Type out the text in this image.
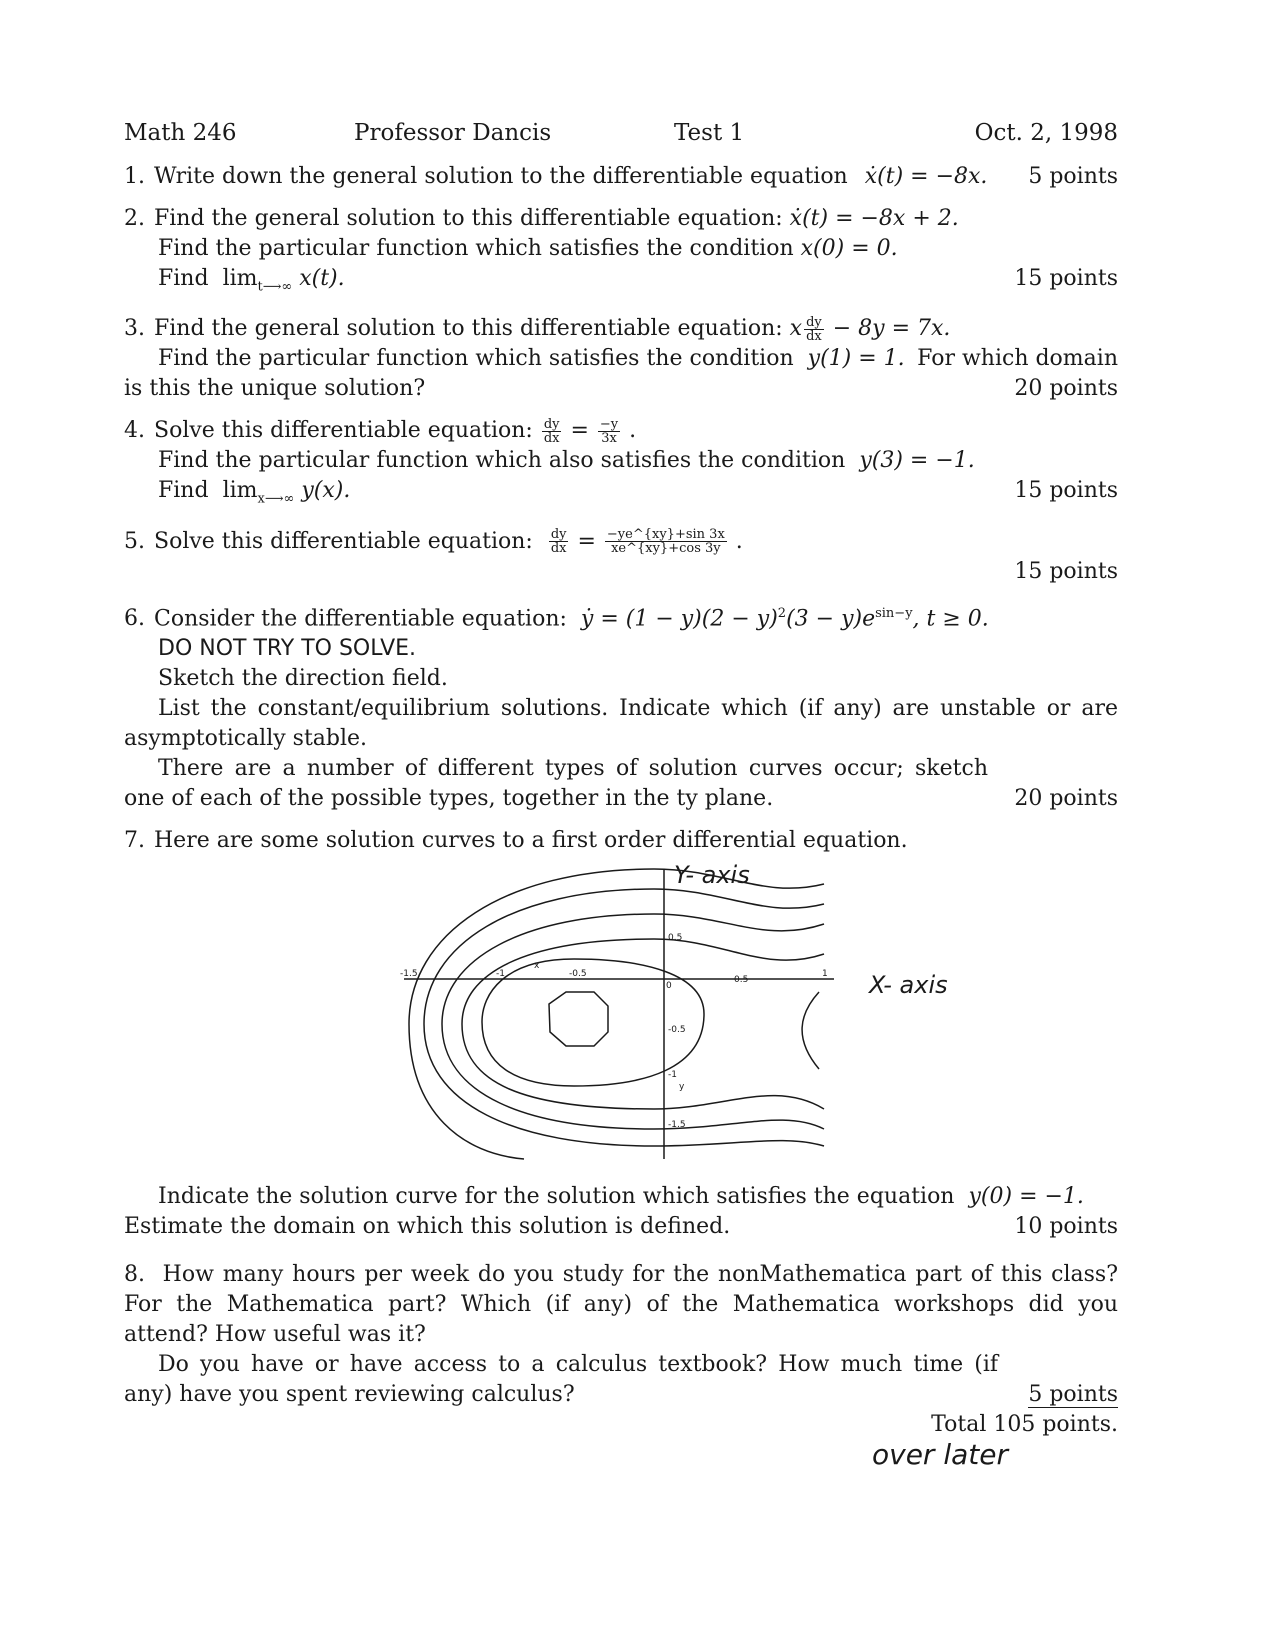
Math 246	Professor Dancis	Test 1	Oct. 2, 1998
1. Write down the general solution to the differentiable equation ẋ(t) = −8x. 5 points
2. Find the general solution to this differentiable equation: ẋ(t) = −8x + 2.
Find the particular function which satisfies the condition x(0) = 0.
Find $\lim_{t⟶\infty} x(t)$.	15 points
3. Find the general solution to this differentiable equation: x $\frac{dy}{dx} - 8y = 7x$.
Find the particular function which satisfies the condition y(1) = 1. For which domain
is this the unique solution?	20 points
4. Solve this differentiable equation: $\frac{dy}{dx} = \frac{-y}{3x}$ .
Find the particular function which also satisfies the condition y(3) = −1.
Find $\lim_{x⟶\infty} y(x)$.	15 points
5. Solve this differentiable equation: $\frac{dy}{dx} = \frac{-ye\^{}\{xy\}+\sin 3x}{xe\^{}\{xy\}+\cos 3y}$ .
15 points
6. Consider the differentiable equation: ẏ = $(1 - y)(2 - y)^2(3 - y)e^{sin-y}$, t ≥ 0.
DO NOT TRY TO SOLVE.
Sketch the direction field.
List the constant/equilibrium solutions. Indicate which (if any) are unstable or are asymptotically stable.
There are a number of different types of solution curves occur; sketch one of each of the possible types, together in the ty plane.	20 points
7. Here are some solution curves to a first order differential equation.
Y- axis
X- axis
-1.5	-1	-0.5
0
0.5
1
0.5
-0.5
-1
-1.5
x
y
Indicate the solution curve for the solution which satisfies the equation y(0) = −1.
Estimate the domain on which this solution is defined.	10 points
8. How many hours per week do you study for the nonMathematica part of this class? For the Mathematica part? Which (if any) of the Mathematica workshops did you attend? How useful was it?
Do you have or have access to a calculus textbook? How much time (if any) have you spent reviewing calculus?	5 points
Total 105 points.
over later
